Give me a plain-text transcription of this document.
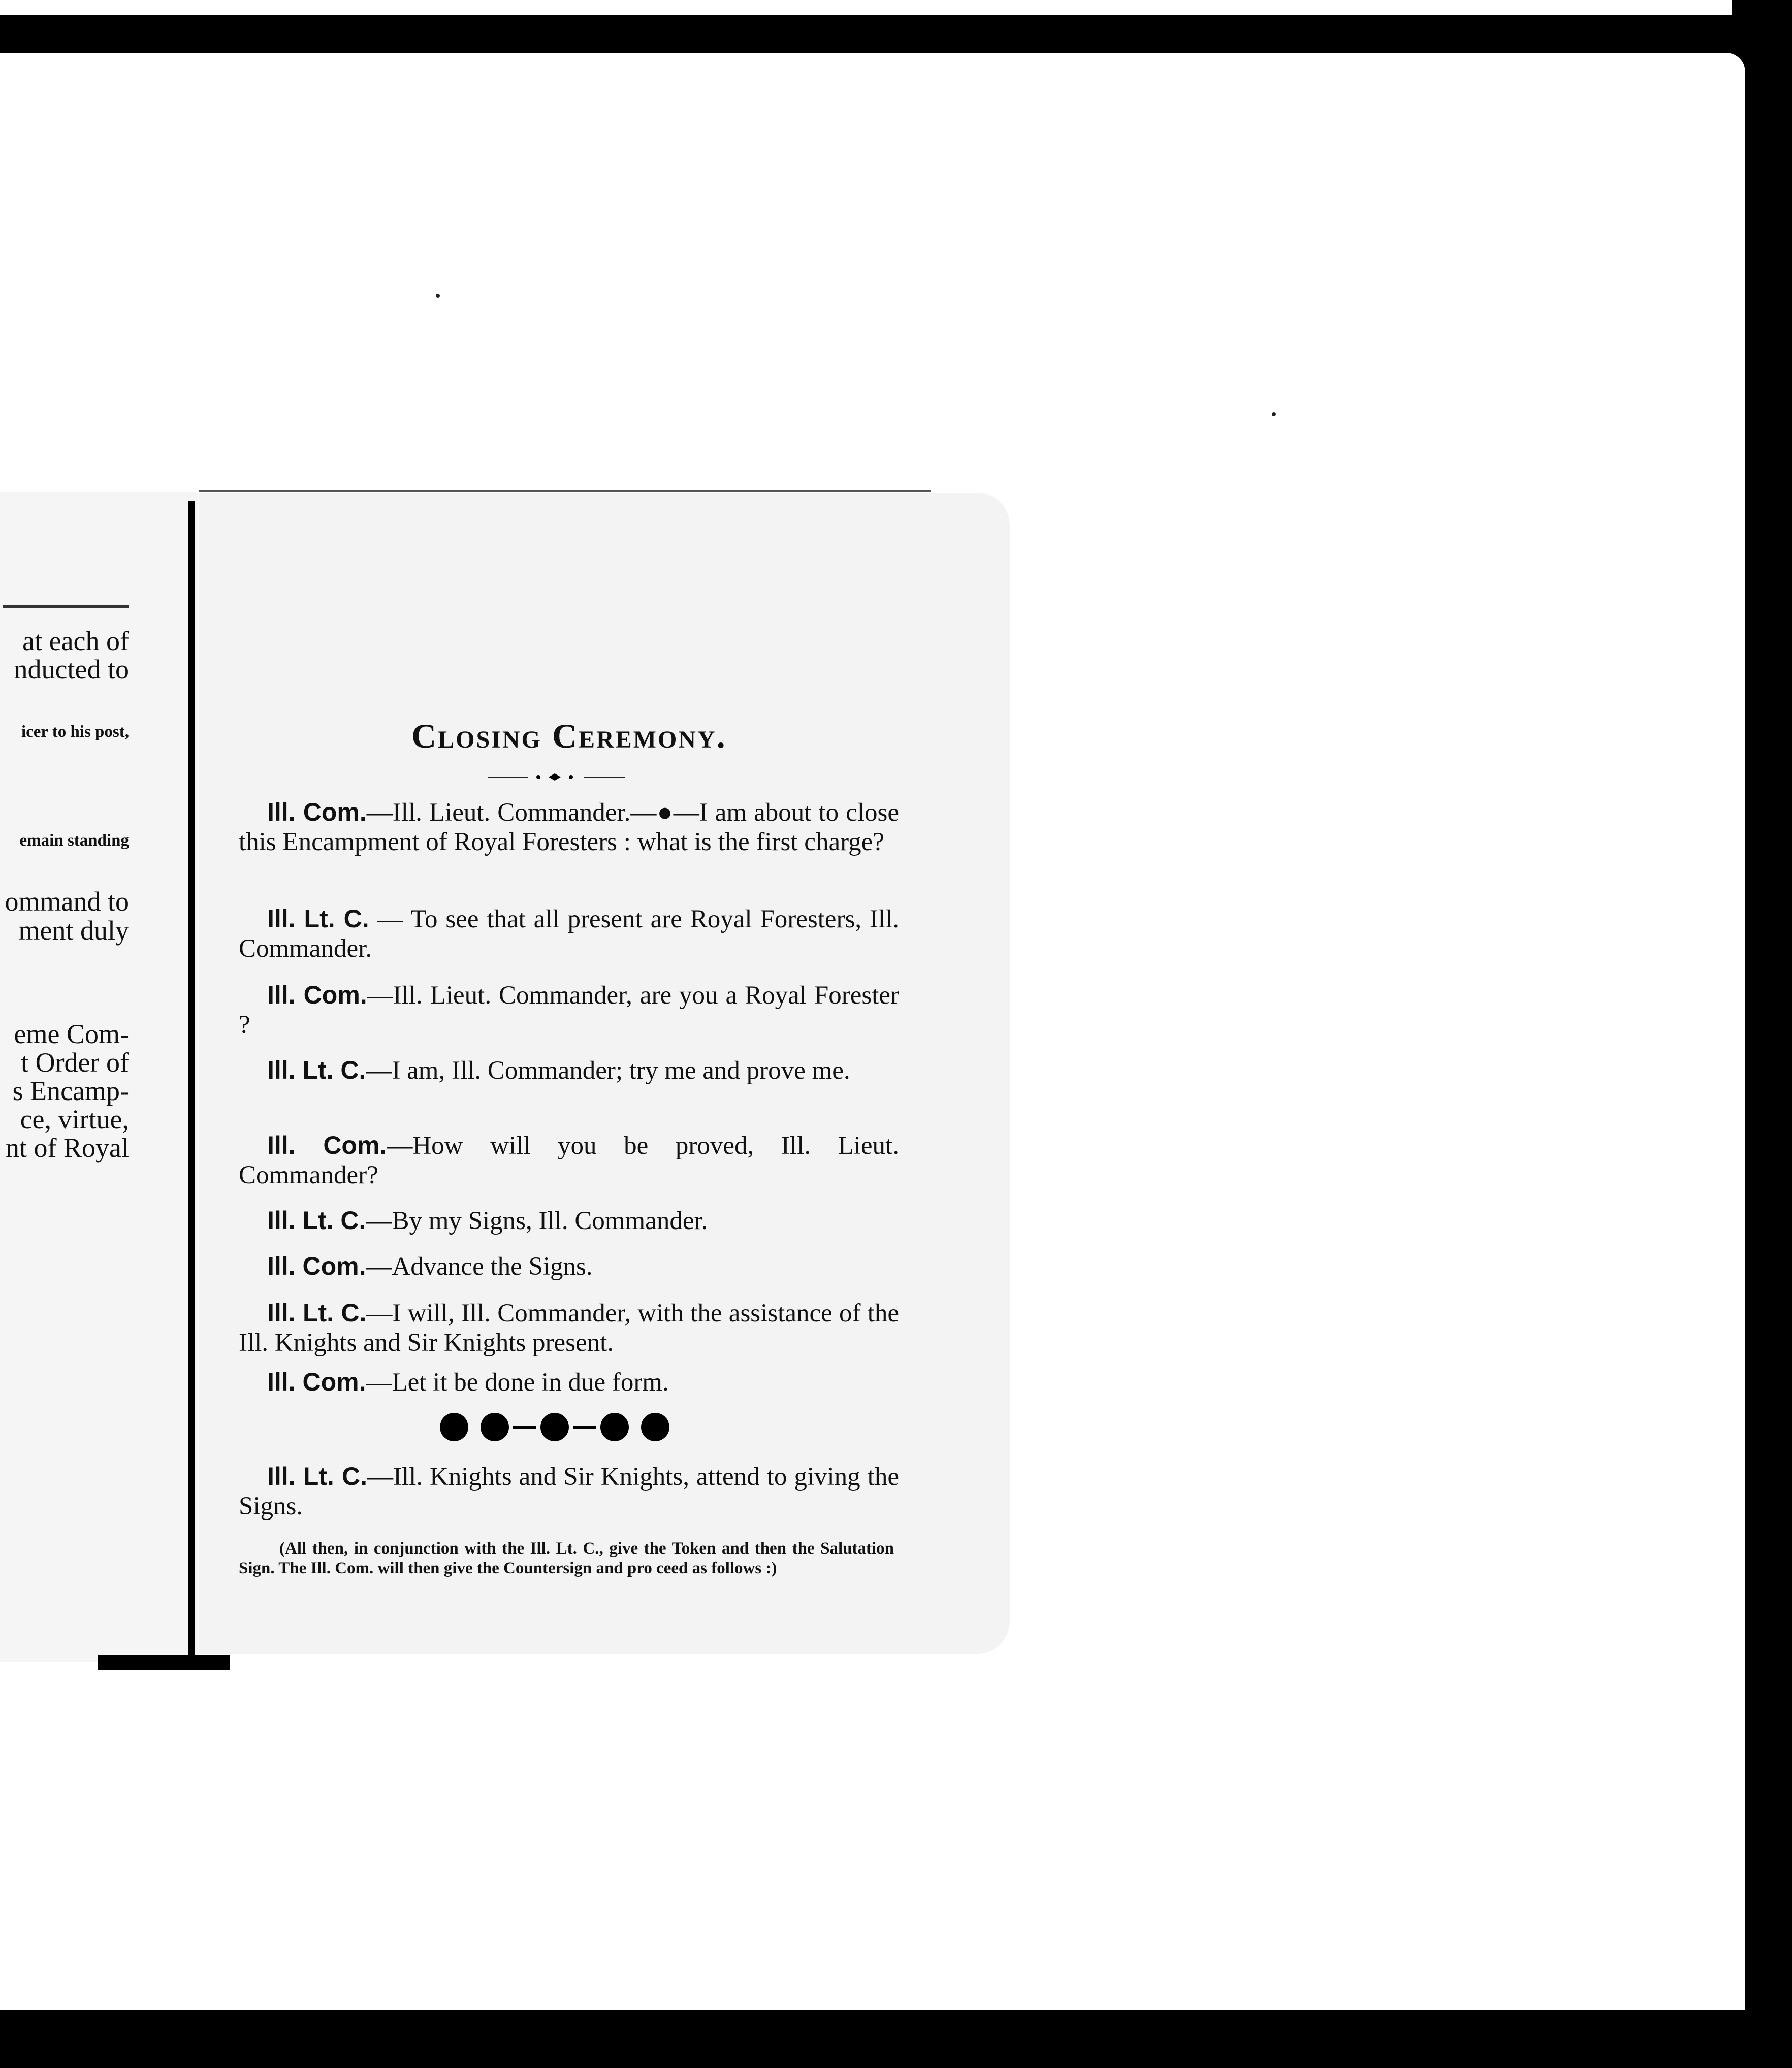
at each of
nducted to
icer to his post,
emain standing
ommand to
ment duly
eme Com-
t Order of
s Encamp-
ce, virtue,
nt of Royal
Closing Ceremony.
Ill. Com.—Ill. Lieut. Commander.—●—I am about to close this Encampment of Royal Foresters : what is the first charge?
Ill. Lt. C. — To see that all present are Royal Foresters, Ill. Commander.
Ill. Com.—Ill. Lieut. Commander, are you a Royal Forester ?
Ill. Lt. C.—I am, Ill. Commander; try me and prove me.
Ill. Com.—How will you be proved, Ill. Lieut. Commander?
Ill. Lt. C.—By my Signs, Ill. Commander.
Ill. Com.—Advance the Signs.
Ill. Lt. C.—I will, Ill. Commander, with the assistance of the Ill. Knights and Sir Knights present.
Ill. Com.—Let it be done in due form.

Ill. Lt. C.—Ill. Knights and Sir Knights, attend to giving the Signs.
(All then, in conjunction with the Ill. Lt. C., give the Token and then the Salutation Sign. The Ill. Com. will then give the Countersign and pro ceed as follows :)
